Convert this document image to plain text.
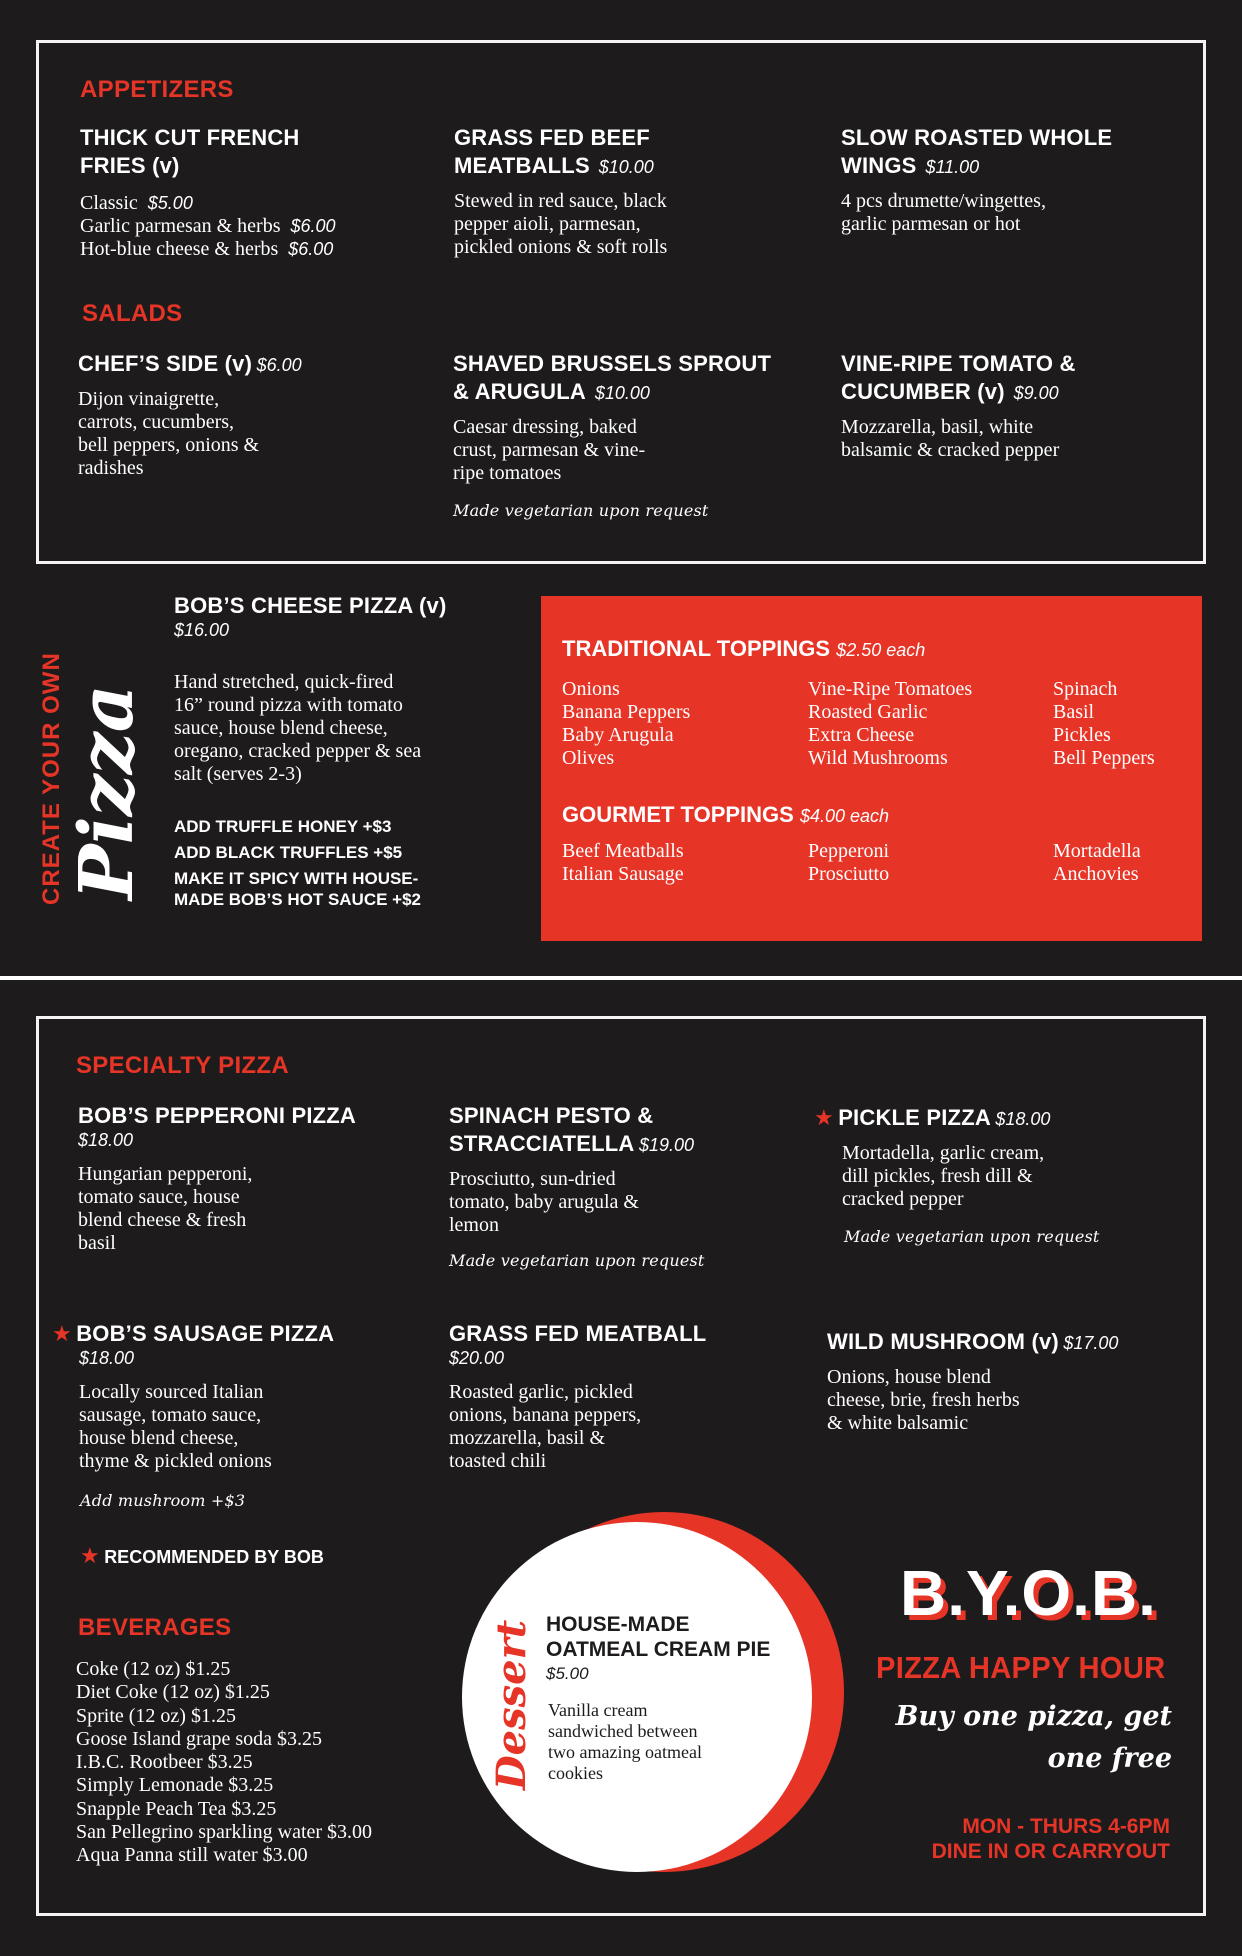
APPETIZERS
THICK CUT FRENCH
FRIES (v)
Classic $5.00
Garlic parmesan & herbs $6.00
Hot-blue cheese & herbs $6.00
GRASS FED BEEF
MEATBALLS $10.00
Stewed in red sauce, black
pepper aioli, parmesan,
pickled onions & soft rolls
SLOW ROASTED WHOLE
WINGS $11.00
4 pcs drumette/wingettes,
garlic parmesan or hot
SALADS
CHEF’S SIDE (v) $6.00
Dijon vinaigrette,
carrots, cucumbers,
bell peppers, onions &
radishes
SHAVED BRUSSELS SPROUT
& ARUGULA $10.00
Caesar dressing, baked
crust, parmesan & vine-
ripe tomatoes
Made vegetarian upon request
VINE-RIPE TOMATO &
CUCUMBER (v) $9.00
Mozzarella, basil, white
balsamic & cracked pepper
CREATE YOUR OWN Pizza
BOB’S CHEESE PIZZA (v)
$16.00
Hand stretched, quick-fired
16” round pizza with tomato
sauce, house blend cheese,
oregano, cracked pepper & sea
salt (serves 2-3)
ADD TRUFFLE HONEY +$3
ADD BLACK TRUFFLES +$5
MAKE IT SPICY WITH HOUSE-
MADE BOB’S HOT SAUCE +$2
TRADITIONAL TOPPINGS $2.50 each
Onions
Banana Peppers
Baby Arugula
Olives
Vine-Ripe Tomatoes
Roasted Garlic
Extra Cheese
Wild Mushrooms
Spinach
Basil
Pickles
Bell Peppers
GOURMET TOPPINGS $4.00 each
Beef Meatballs
Italian Sausage
Pepperoni
Prosciutto
Mortadella
Anchovies
SPECIALTY PIZZA
BOB’S PEPPERONI PIZZA
$18.00
Hungarian pepperoni,
tomato sauce, house
blend cheese & fresh
basil
SPINACH PESTO &
STRACCIATELLA $19.00
Prosciutto, sun-dried
tomato, baby arugula &
lemon
Made vegetarian upon request
★ PICKLE PIZZA $18.00
Mortadella, garlic cream,
dill pickles, fresh dill &
cracked pepper
Made vegetarian upon request
★ BOB’S SAUSAGE PIZZA
$18.00
Locally sourced Italian
sausage, tomato sauce,
house blend cheese,
thyme & pickled onions
Add mushroom +$3
GRASS FED MEATBALL
$20.00
Roasted garlic, pickled
onions, banana peppers,
mozzarella, basil &
toasted chili
WILD MUSHROOM (v) $17.00
Onions, house blend
cheese, brie, fresh herbs
& white balsamic
★ RECOMMENDED BY BOB
BEVERAGES
Coke (12 oz) $1.25
Diet Coke (12 oz) $1.25
Sprite (12 oz) $1.25
Goose Island grape soda $3.25
I.B.C. Rootbeer $3.25
Simply Lemonade $3.25
Snapple Peach Tea $3.25
San Pellegrino sparkling water $3.00
Aqua Panna still water $3.00
Dessert HOUSE-MADE
OATMEAL CREAM PIE
$5.00
Vanilla cream
sandwiched between
two amazing oatmeal
cookies
B.Y.O.B.
PIZZA HAPPY HOUR
Buy one pizza, get
one free
MON - THURS 4-6PM
DINE IN OR CARRYOUT
